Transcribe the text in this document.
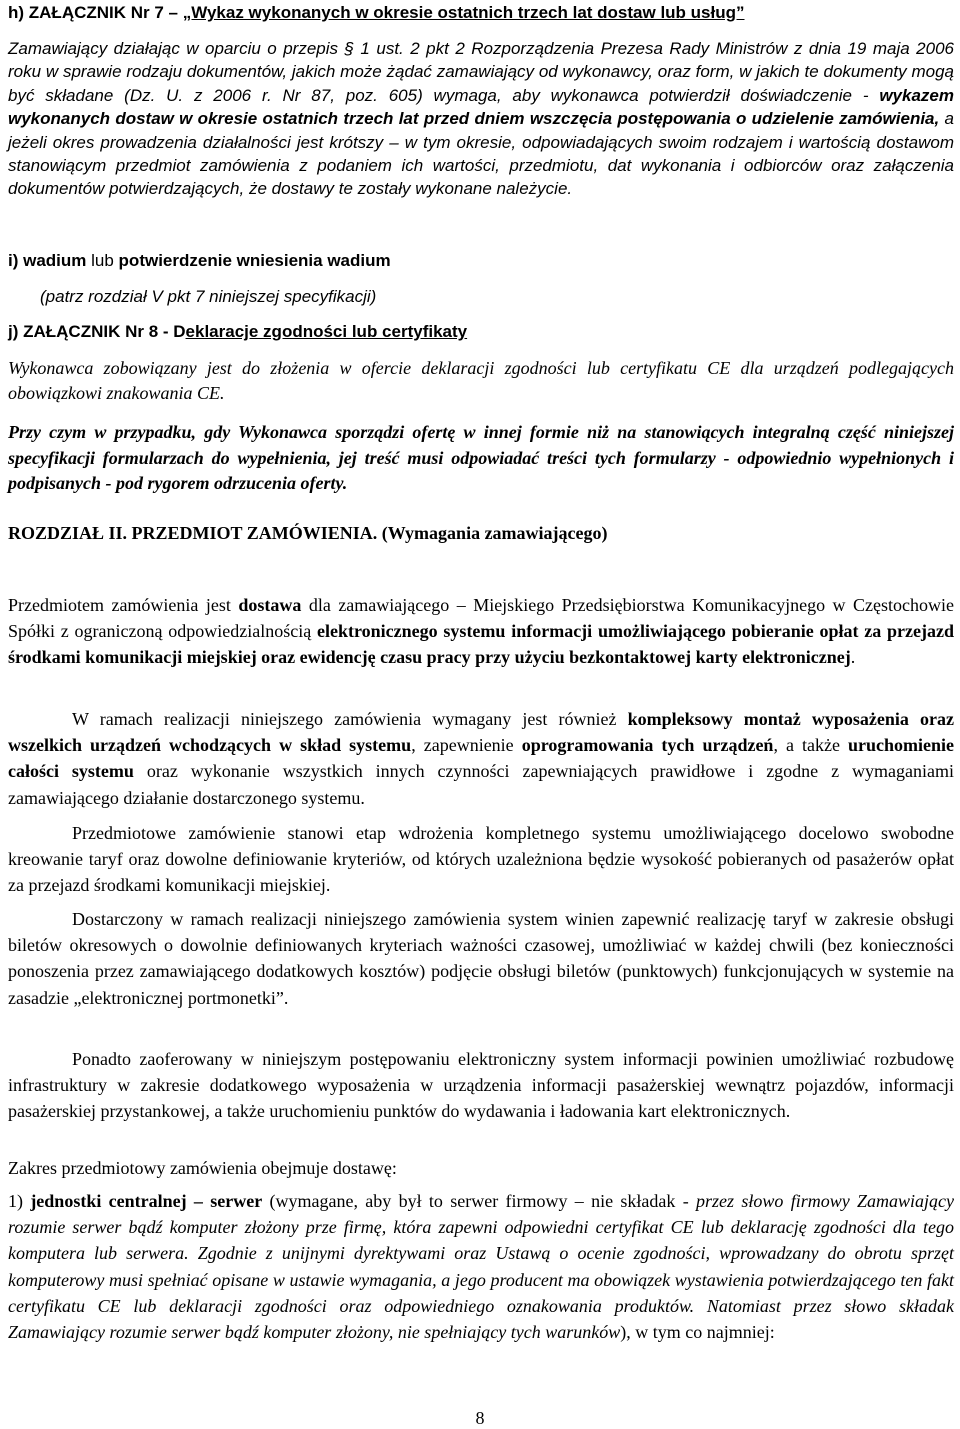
h) ZAŁĄCZNIK Nr 7 – „Wykaz wykonanych w okresie ostatnich trzech lat dostaw lub usług”

Zamawiający działając w oparciu o przepis § 1 ust. 2 pkt 2 Rozporządzenia Prezesa Rady Ministrów z dnia 19 maja 2006 roku w sprawie rodzaju dokumentów, jakich może żądać zamawiający od wykonawcy, oraz form, w jakich te dokumenty mogą być składane (Dz. U. z 2006 r. Nr 87, poz. 605) wymaga, aby wykonawca potwierdził doświadczenie - wykazem wykonanych dostaw w okresie ostatnich trzech lat przed dniem wszczęcia postępowania o udzielenie zamówienia, a jeżeli okres prowadzenia działalności jest krótszy – w tym okresie, odpowiadających swoim rodzajem i wartością dostawom stanowiącym przedmiot zamówienia z podaniem ich wartości, przedmiotu, dat wykonania i odbiorców oraz załączenia dokumentów potwierdzających, że dostawy te zostały wykonane należycie.

i) wadium lub potwierdzenie wniesienia wadium
(patrz rozdział V pkt 7 niniejszej specyfikacji)
j) ZAŁĄCZNIK Nr 8 - Deklaracje zgodności lub certyfikaty

Wykonawca zobowiązany jest do złożenia w ofercie deklaracji zgodności lub certyfikatu CE dla urządzeń podlegających obowiązkowi znakowania CE.

Przy czym w przypadku, gdy Wykonawca sporządzi ofertę w innej formie niż na stanowiących integralną część niniejszej specyfikacji formularzach do wypełnienia, jej treść musi odpowiadać treści tych formularzy - odpowiednio wypełnionych i podpisanych - pod rygorem odrzucenia oferty.

ROZDZIAŁ II. PRZEDMIOT ZAMÓWIENIA. (Wymagania zamawiającego)

Przedmiotem zamówienia jest dostawa dla zamawiającego – Miejskiego Przedsiębiorstwa Komunikacyjnego w Częstochowie Spółki z ograniczoną odpowiedzialnością elektronicznego systemu informacji umożliwiającego pobieranie opłat za przejazd środkami komunikacji miejskiej oraz ewidencję czasu pracy przy użyciu bezkontaktowej karty elektronicznej.

W ramach realizacji niniejszego zamówienia wymagany jest również kompleksowy montaż wyposażenia oraz wszelkich urządzeń wchodzących w skład systemu, zapewnienie oprogramowania tych urządzeń, a także uruchomienie całości systemu oraz wykonanie wszystkich innych czynności zapewniających prawidłowe i zgodne z wymaganiami zamawiającego działanie dostarczonego systemu.

Przedmiotowe zamówienie stanowi etap wdrożenia kompletnego systemu umożliwiającego docelowo swobodne kreowanie taryf oraz dowolne definiowanie kryteriów, od których uzależniona będzie wysokość pobieranych od pasażerów opłat za przejazd środkami komunikacji miejskiej.

Dostarczony w ramach realizacji niniejszego zamówienia system winien zapewnić realizację taryf w zakresie obsługi biletów okresowych o dowolnie definiowanych kryteriach ważności czasowej, umożliwiać w każdej chwili (bez konieczności ponoszenia przez zamawiającego dodatkowych kosztów) podjęcie obsługi biletów (punktowych) funkcjonujących w systemie na zasadzie „elektronicznej portmonetki”.

Ponadto zaoferowany w niniejszym postępowaniu elektroniczny system informacji powinien umożliwiać rozbudowę infrastruktury w zakresie dodatkowego wyposażenia w urządzenia informacji pasażerskiej wewnątrz pojazdów, informacji pasażerskiej przystankowej, a także uruchomieniu punktów do wydawania i ładowania kart elektronicznych.

Zakres przedmiotowy zamówienia obejmuje dostawę:

1) jednostki centralnej – serwer (wymagane, aby był to serwer firmowy – nie składak - przez słowo firmowy Zamawiający rozumie serwer bądź komputer złożony prze firmę, która zapewni odpowiedni certyfikat CE lub deklarację zgodności dla tego komputera lub serwera. Zgodnie z unijnymi dyrektywami oraz Ustawą o ocenie zgodności, wprowadzany do obrotu sprzęt komputerowy musi spełniać opisane w ustawie wymagania, a jego producent ma obowiązek wystawienia potwierdzającego ten fakt certyfikatu CE lub deklaracji zgodności oraz odpowiedniego oznakowania produktów. Natomiast przez słowo składak Zamawiający rozumie serwer bądź komputer złożony, nie spełniający tych warunków), w tym co najmniej:

8
